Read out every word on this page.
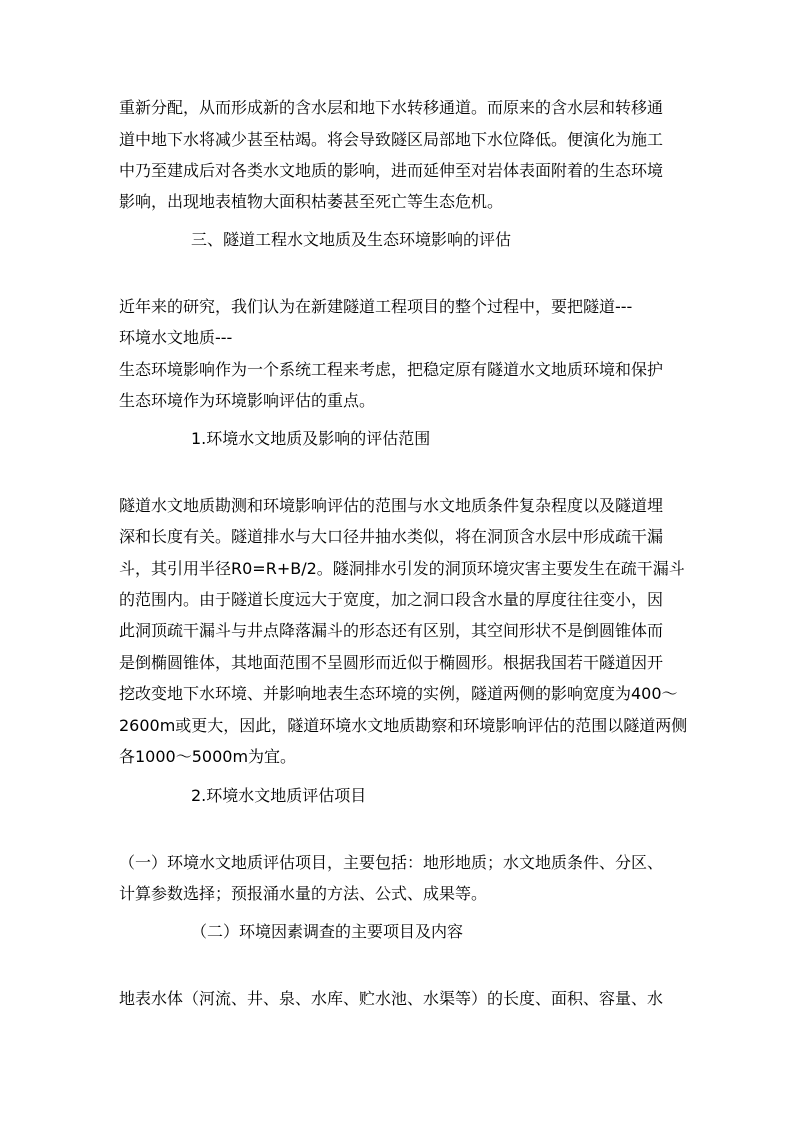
重新分配，从而形成新的含水层和地下水转移通道。而原来的含水层和转移通

道中地下水将减少甚至枯竭。将会导致隧区局部地下水位降低。便演化为施工

中乃至建成后对各类水文地质的影响，进而延伸至对岩体表面附着的生态环境

影响，出现地表植物大面积枯萎甚至死亡等生态危机。

三、隧道工程水文地质及生态环境影响的评估

近年来的研究，我们认为在新建隧道工程项目的整个过程中，要把隧道---

环境水文地质---

生态环境影响作为一个系统工程来考虑，把稳定原有隧道水文地质环境和保护

生态环境作为环境影响评估的重点。

1.环境水文地质及影响的评估范围

隧道水文地质勘测和环境影响评估的范围与水文地质条件复杂程度以及隧道埋

深和长度有关。隧道排水与大口径井抽水类似，将在洞顶含水层中形成疏干漏

斗，其引用半径R0=R+B/2。隧洞排水引发的洞顶环境灾害主要发生在疏干漏斗

的范围内。由于隧道长度远大于宽度，加之洞口段含水量的厚度往往变小，因

此洞顶疏干漏斗与井点降落漏斗的形态还有区别，其空间形状不是倒圆锥体而

是倒椭圆锥体，其地面范围不呈圆形而近似于椭圆形。根据我国若干隧道因开

挖改变地下水环境、并影响地表生态环境的实例，隧道两侧的影响宽度为400～

2600m或更大，因此，隧道环境水文地质勘察和环境影响评估的范围以隧道两侧

各1000～5000m为宜。

2.环境水文地质评估项目

（一）环境水文地质评估项目，主要包括：地形地质；水文地质条件、分区、

计算参数选择；预报涌水量的方法、公式、成果等。

（二）环境因素调查的主要项目及内容

地表水体（河流、井、泉、水库、贮水池、水渠等）的长度、面积、容量、水
